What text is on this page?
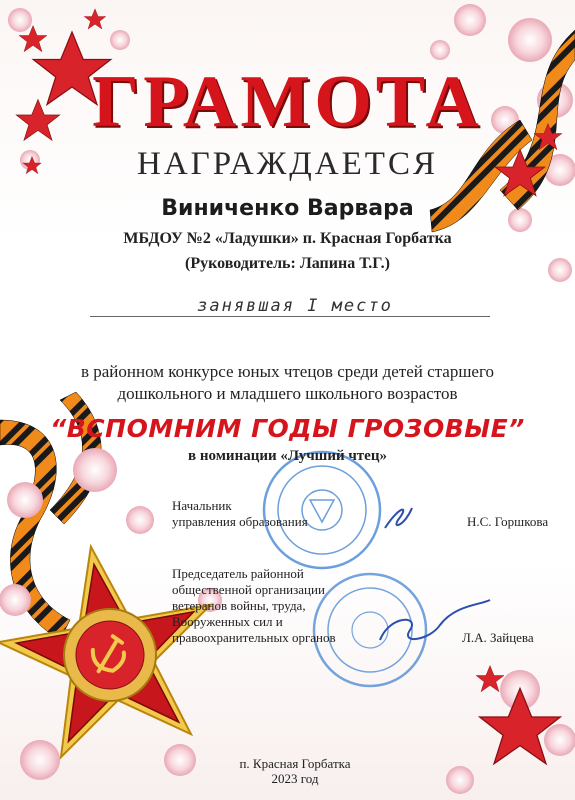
ГРАМОТА
НАГРАЖДАЕТСЯ
Виниченко Варвара
МБДОУ №2 «Ладушки» п. Красная Горбатка
(Руководитель: Лапина Т.Г.)
занявшая I место
в районном конкурсе юных чтецов среди детей старшего
дошкольного и младшего школьного возрастов
“ВСПОМНИМ ГОДЫ ГРОЗОВЫЕ”
в номинации «Лучший чтец»
Начальник
управления образования	Н.С. Горшкова
Председатель районной
общественной организации
ветеранов войны, труда,
Вооруженных сил и
правоохранительных органов	Л.А. Зайцева
п. Красная Горбатка
2023 год
